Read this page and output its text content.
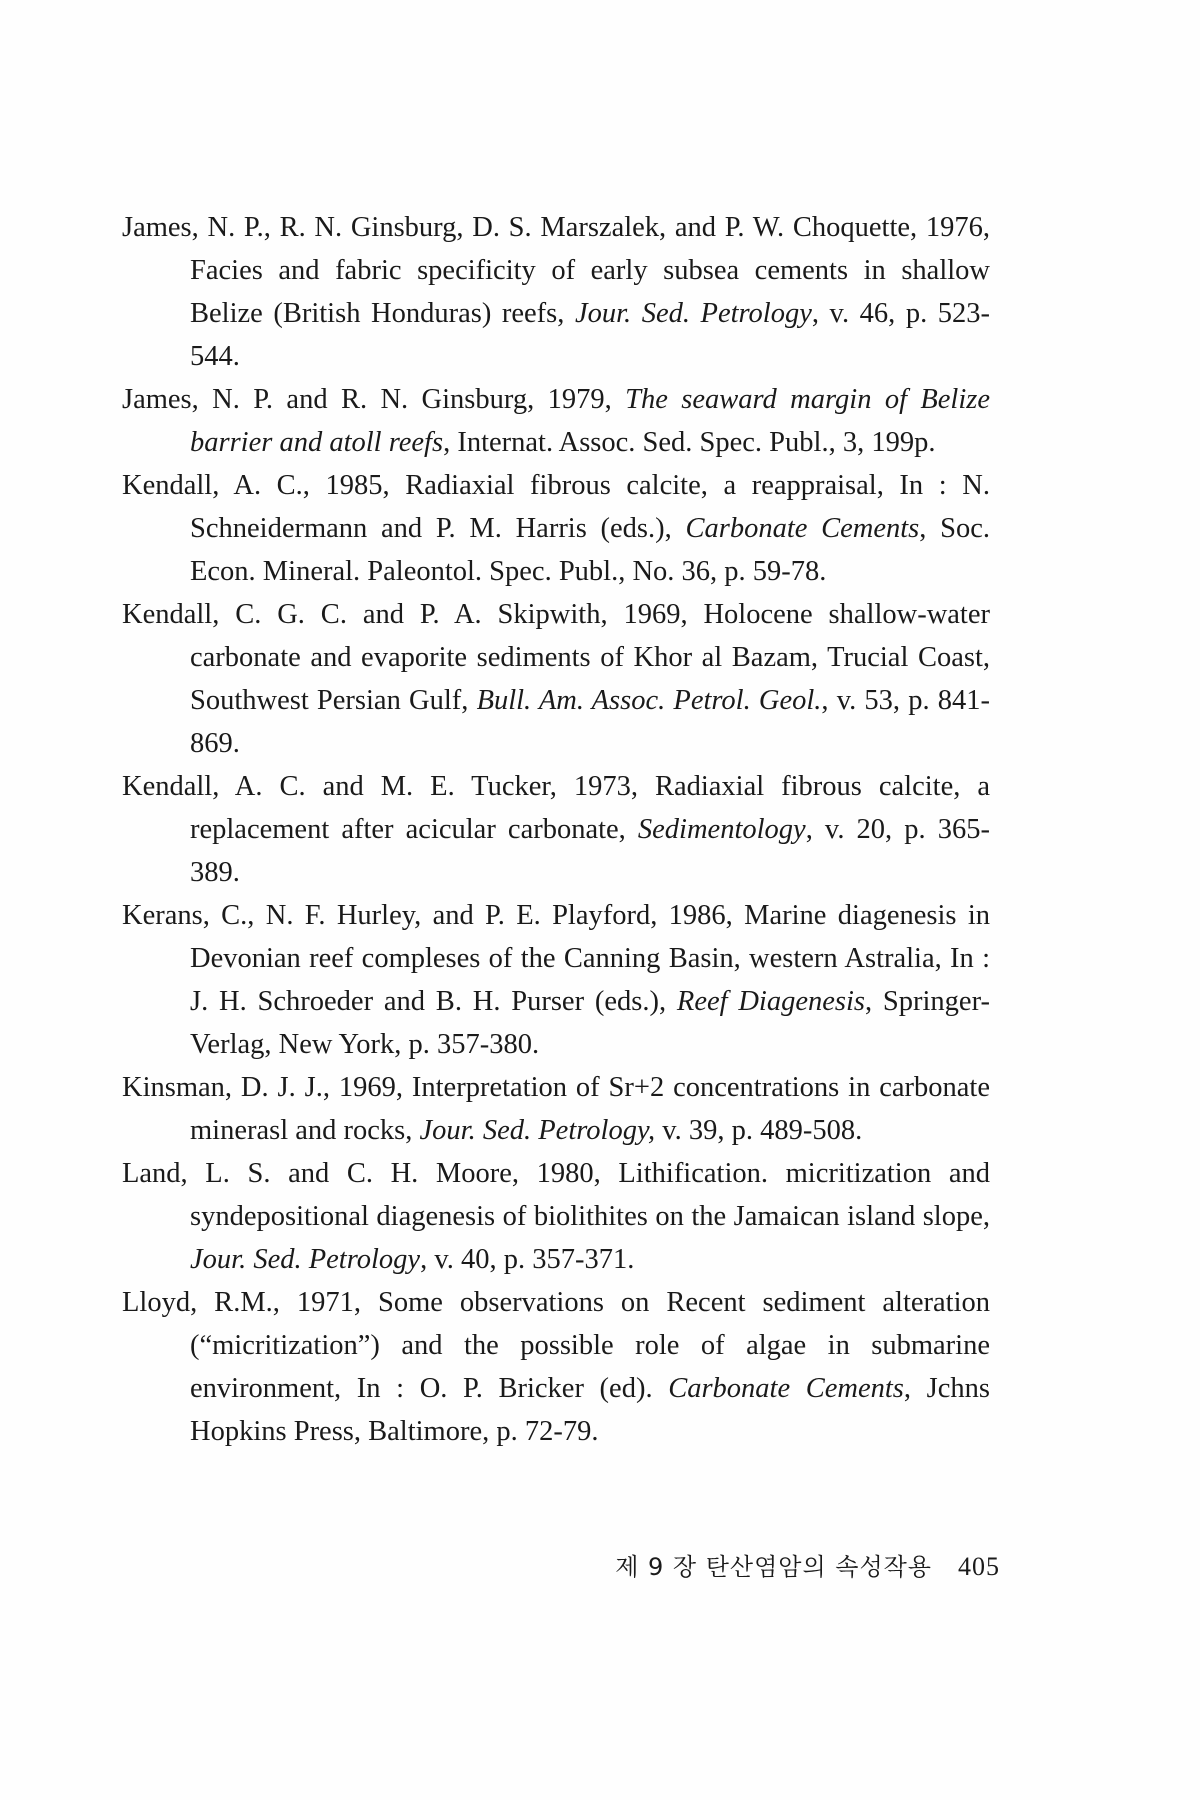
James, N. P., R. N. Ginsburg, D. S. Marszalek, and P. W. Choquette, 1976, Facies and fabric specificity of early subsea cements in shallow Belize (British Honduras) reefs, Jour. Sed. Petrology, v. 46, p. 523-544.
James, N. P. and R. N. Ginsburg, 1979, The seaward margin of Belize barrier and atoll reefs, Internat. Assoc. Sed. Spec. Publ., 3, 199p.
Kendall, A. C., 1985, Radiaxial fibrous calcite, a reappraisal, In : N. Schneidermann and P. M. Harris (eds.), Carbonate Cements, Soc. Econ. Mineral. Paleontol. Spec. Publ., No. 36, p. 59-78.
Kendall, C. G. C. and P. A. Skipwith, 1969, Holocene shallow-water carbonate and evaporite sediments of Khor al Bazam, Trucial Coast, Southwest Persian Gulf, Bull. Am. Assoc. Petrol. Geol., v. 53, p. 841-869.
Kendall, A. C. and M. E. Tucker, 1973, Radiaxial fibrous calcite, a replacement after acicular carbonate, Sedimentology, v. 20, p. 365-389.
Kerans, C., N. F. Hurley, and P. E. Playford, 1986, Marine diagenesis in Devonian reef compleses of the Canning Basin, western Astralia, In : J. H. Schroeder and B. H. Purser (eds.), Reef Diagenesis, Springer-Verlag, New York, p. 357-380.
Kinsman, D. J. J., 1969, Interpretation of Sr+2 concentrations in carbonate minerasl and rocks, Jour. Sed. Petrology, v. 39, p. 489-508.
Land, L. S. and C. H. Moore, 1980, Lithification. micritization and syndepositional diagenesis of biolithites on the Jamaican island slope, Jour. Sed. Petrology, v. 40, p. 357-371.
Lloyd, R.M., 1971, Some observations on Recent sediment alteration (“micritization”) and the possible role of algae in submarine environment, In : O. P. Bricker (ed). Carbonate Cements, Jchns Hopkins Press, Baltimore, p. 72-79.
제 9 장 탄산염암의 속성작용 405
